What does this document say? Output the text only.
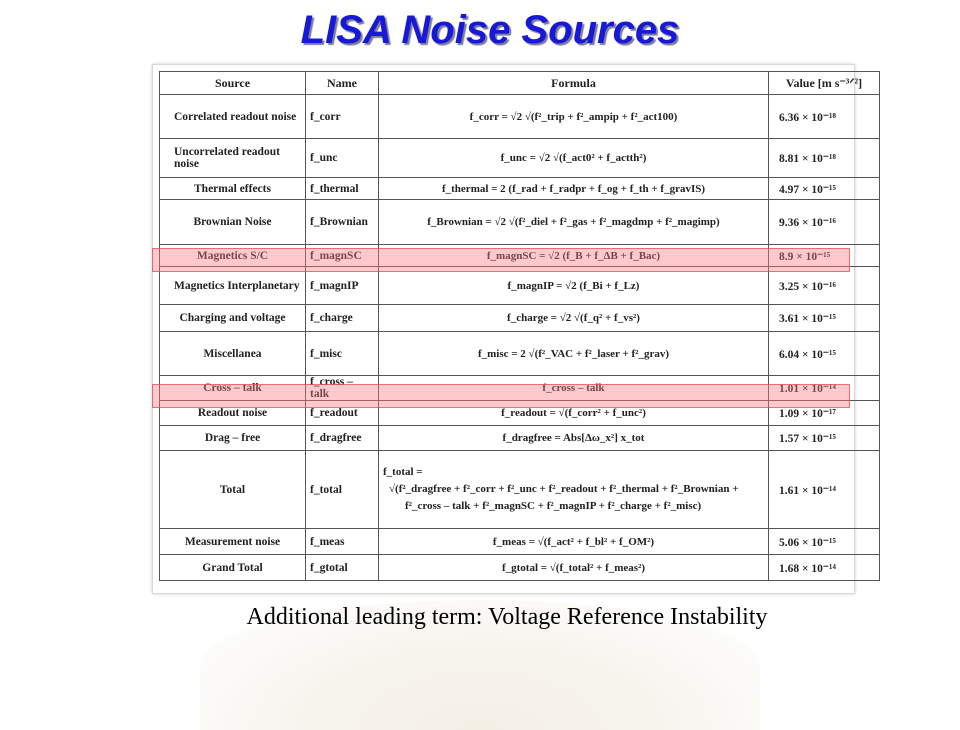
LISA Noise Sources
Source	Name	Formula	Value [m s⁻³ᐟ²]
Correlated readout noise	f_corr	f_corr = √2 √(f²_trip + f²_ampip + f²_act100)	6.36 × 10⁻¹⁸
Uncorrelated readout noise	f_unc	f_unc = √2 √(f_act0² + f_actth²)	8.81 × 10⁻¹⁸
Thermal effects	f_thermal	f_thermal = 2 (f_rad + f_radpr + f_og + f_th + f_gravIS)	4.97 × 10⁻¹⁵
Brownian Noise	f_Brownian	f_Brownian = √2 √(f²_diel + f²_gas + f²_magdmp + f²_magimp)	9.36 × 10⁻¹⁶
Magnetics S/C	f_magnSC	f_magnSC = √2 (f_B + f_ΔB + f_Bac)	8.9 × 10⁻¹⁵
Magnetics Interplanetary	f_magnIP	f_magnIP = √2 (f_Bi + f_Lz)	3.25 × 10⁻¹⁶
Charging and voltage	f_charge	f_charge = √2 √(f_q² + f_vs²)	3.61 × 10⁻¹⁵
Miscellanea	f_misc	f_misc = 2 √(f²_VAC + f²_laser + f²_grav)	6.04 × 10⁻¹⁵
Cross – talk	f_cross – talk	f_cross – talk	1.01 × 10⁻¹⁴
Readout noise	f_readout	f_readout = √(f_corr² + f_unc²)	1.09 × 10⁻¹⁷
Drag – free	f_dragfree	f_dragfree = Abs[Δω_x²] x_tot	1.57 × 10⁻¹⁵
Total	f_total	f_total =
√(f²_dragfree + f²_corr + f²_unc + f²_readout + f²_thermal + f²_Brownian +
f²_cross – talk + f²_magnSC + f²_magnIP + f²_charge + f²_misc)	1.61 × 10⁻¹⁴
Measurement noise	f_meas	f_meas = √(f_act² + f_bl² + f_OM²)	5.06 × 10⁻¹⁵
Grand Total	f_gtotal	f_gtotal = √(f_total² + f_meas²)	1.68 × 10⁻¹⁴
Additional leading term: Voltage Reference Instability
